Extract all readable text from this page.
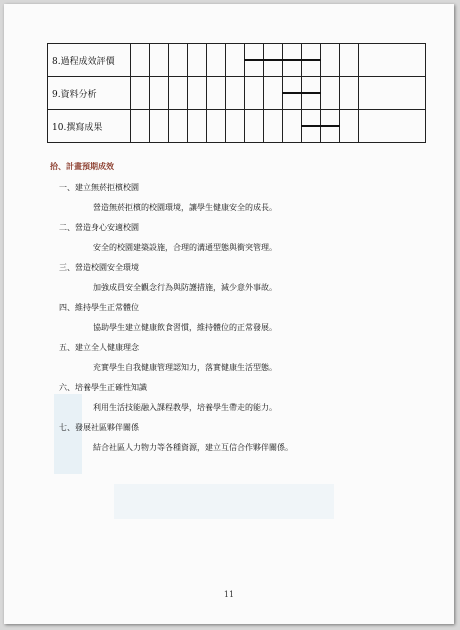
8.過程成效評價							

9.資料分析									

10.撰寫成果										

拾、計畫預期成效
一、建立無菸拒檳校園
營造無菸拒檳的校園環境，讓學生健康安全的成長。
二、營造身心安適校園
安全的校園建築設施，合理的溝通型態與衝突管理。
三、營造校園安全環境
加強成員安全觀念行為與防護措施，減少意外事故。
四、維持學生正常體位
協助學生建立健康飲食習慣，維持體位的正常發展。
五、建立全人健康理念
充實學生自我健康管理認知力，落實健康生活型態。
六、培養學生正確性知識
利用生活技能融入課程教學，培養學生帶走的能力。
七、發展社區夥伴關係
結合社區人力物力等各種資源，建立互信合作夥伴關係。
11
